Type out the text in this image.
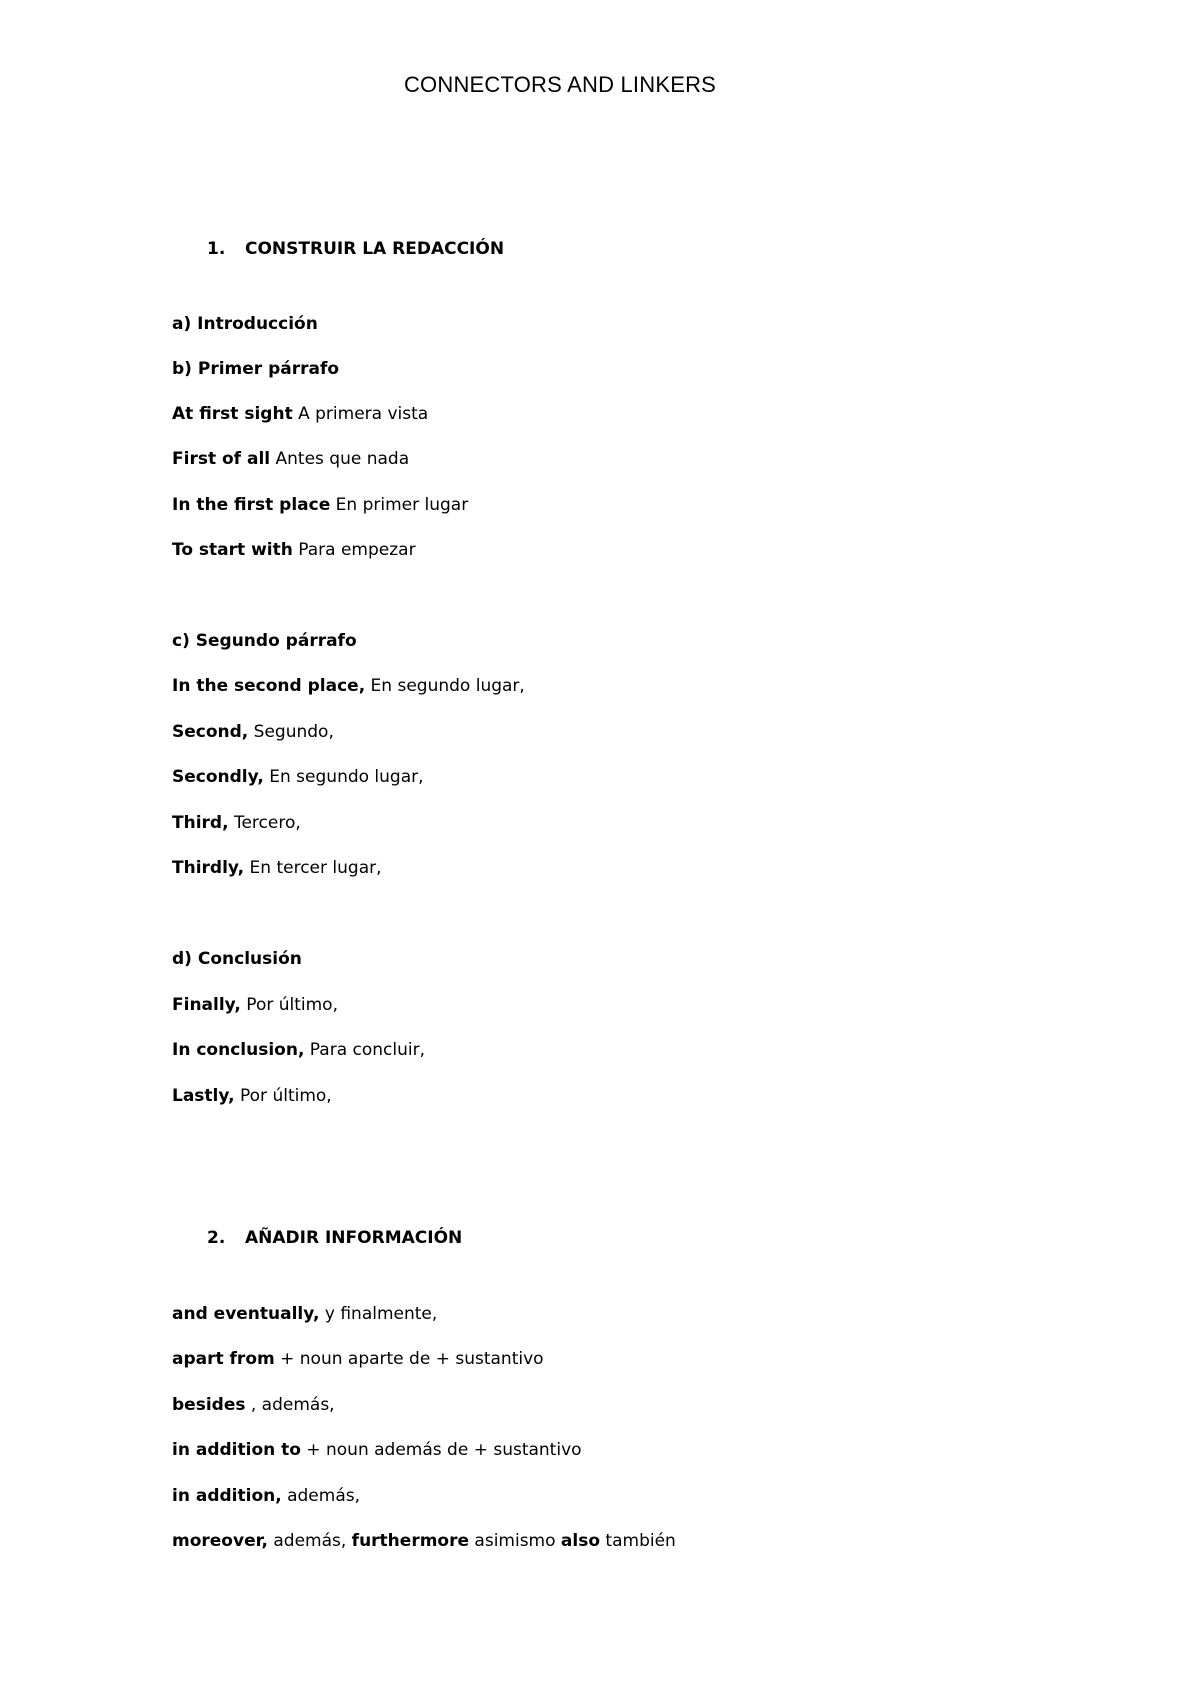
CONNECTORS AND LINKERS
1. CONSTRUIR LA REDACCIÓN
a) Introducción
b) Primer párrafo
At first sight A primera vista
First of all Antes que nada
In the first place En primer lugar
To start with Para empezar
c) Segundo párrafo
In the second place, En segundo lugar,
Second, Segundo,
Secondly, En segundo lugar,
Third, Tercero,
Thirdly, En tercer lugar,
d) Conclusión
Finally, Por último,
In conclusion, Para concluir,
Lastly, Por último,
2. AÑADIR INFORMACIÓN
and eventually, y finalmente,
apart from + noun aparte de + sustantivo
besides , además,
in addition to + noun además de + sustantivo
in addition, además,
moreover, además, furthermore asimismo also también
